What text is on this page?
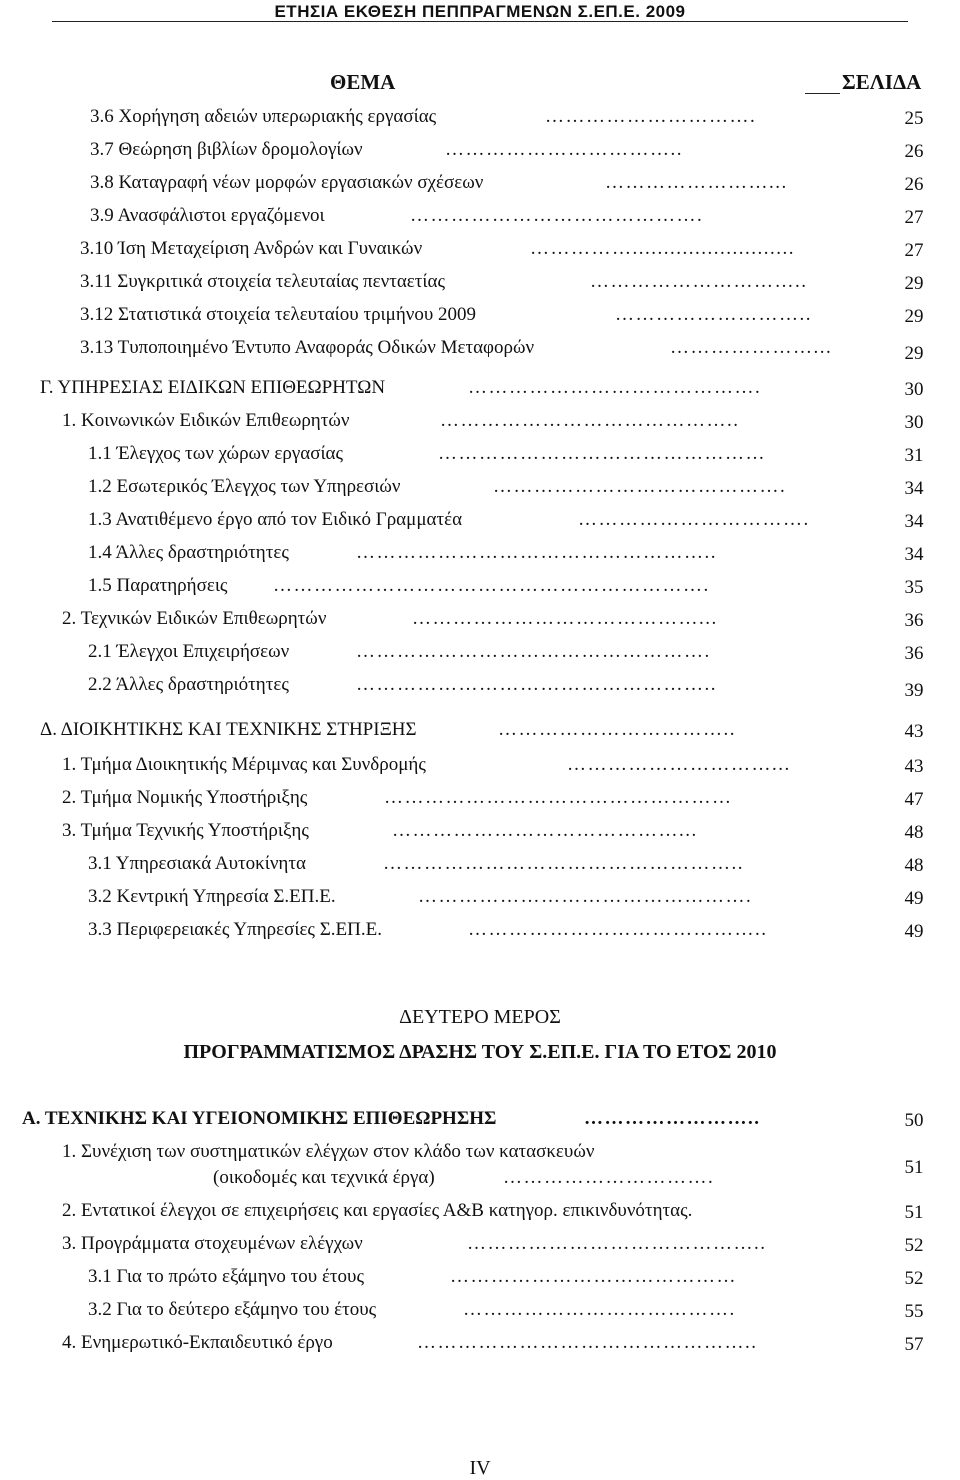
ΕΤΗΣΙΑ ΕΚΘΕΣΗ ΠΕΠΠΡΑΓΜΕΝΩΝ Σ.ΕΠ.Ε. 2009
ΘΕΜΑ	ΣΕΛΙΔΑ
3.6 Χορήγηση αδειών υπερωριακής εργασίας	………………………….	25
3.7 Θεώρηση βιβλίων δρομολογίων	……………………………..	26
3.8 Καταγραφή νέων μορφών εργασιακών σχέσεων	……………………...	26
3.9 Ανασφάλιστοι εργαζόμενοι	…………………………………….	27
3.10 Ίση Μεταχείριση Ανδρών και Γυναικών	……………..........................	27
3.11 Συγκριτικά στοιχεία τελευταίας πενταετίας	…………………………..	29
3.12 Στατιστικά στοιχεία τελευταίου τριμήνου 2009	………………………..	29
3.13 Τυποποιημένο Έντυπο Αναφοράς Οδικών Μεταφορών	…………………...	29
Γ. ΥΠΗΡΕΣΙΑΣ ΕΙΔΙΚΩΝ ΕΠΙΘΕΩΡΗΤΩΝ	…………………………………….	30
1. Κοινωνικών Ειδικών Επιθεωρητών	……………………………………..	30
1.1 Έλεγχος των χώρων εργασίας	…………………………………………	31
1.2 Εσωτερικός Έλεγχος των Υπηρεσιών	…………………………………….	34
1.3 Ανατιθέμενο έργο από τον Ειδικό Γραμματέα	…………………………….	34
1.4 Άλλες δραστηριότητες	……………………………………………..	34
1.5 Παρατηρήσεις ……………………………………………………….	35
2. Τεχνικών Ειδικών Επιθεωρητών	……………………………………...	36
2.1 Έλεγχοι Επιχειρήσεων	…………………………………………….	36
2.2 Άλλες δραστηριότητες	……………………………………………..	39
Δ. ΔΙΟΙΚΗΤΙΚΗΣ ΚΑΙ ΤΕΧΝΙΚΗΣ ΣΤΗΡΙΞΗΣ	……………………………..	43
1. Τμήμα Διοικητικής Μέριμνας και Συνδρομής	…………………………...	43
2. Τμήμα Νομικής Υποστήριξης	……………………………………………	47
3. Τμήμα Τεχνικής Υποστήριξης	……………………………………...	48
3.1 Υπηρεσιακά Αυτοκίνητα	……………………………………………..	48
3.2 Κεντρική Υπηρεσία Σ.ΕΠ.Ε.	………………………………………….	49
3.3 Περιφερειακές Υπηρεσίες Σ.ΕΠ.Ε.	……………………………………..	49
ΔΕΥΤΕΡΟ ΜΕΡΟΣ
ΠΡΟΓΡΑΜΜΑΤΙΣΜΟΣ ΔΡΑΣΗΣ ΤΟΥ Σ.ΕΠ.Ε. ΓΙΑ ΤΟ ΕΤΟΣ 2010
Α. ΤΕΧΝΙΚΗΣ ΚΑΙ ΥΓΕΙΟΝΟΜΙΚΗΣ ΕΠΙΘΕΩΡΗΣΗΣ	……………………..	50
1. Συνέχιση των συστηματικών ελέγχων στον κλάδο των κατασκευών
(οικοδομές και τεχνικά έργα)	………………………….	51
2. Εντατικοί έλεγχοι σε επιχειρήσεις και εργασίες Α&Β κατηγορ. επικινδυνότητας.	51
3. Προγράμματα στοχευμένων ελέγχων	……………………………………..	52
3.1 Για το πρώτο εξάμηνο του έτους	……………………………………	52
3.2 Για το δεύτερο εξάμηνο του έτους	………………………………….	55
4. Ενημερωτικό-Εκπαιδευτικό έργο	…………………………………………..	57
IV
